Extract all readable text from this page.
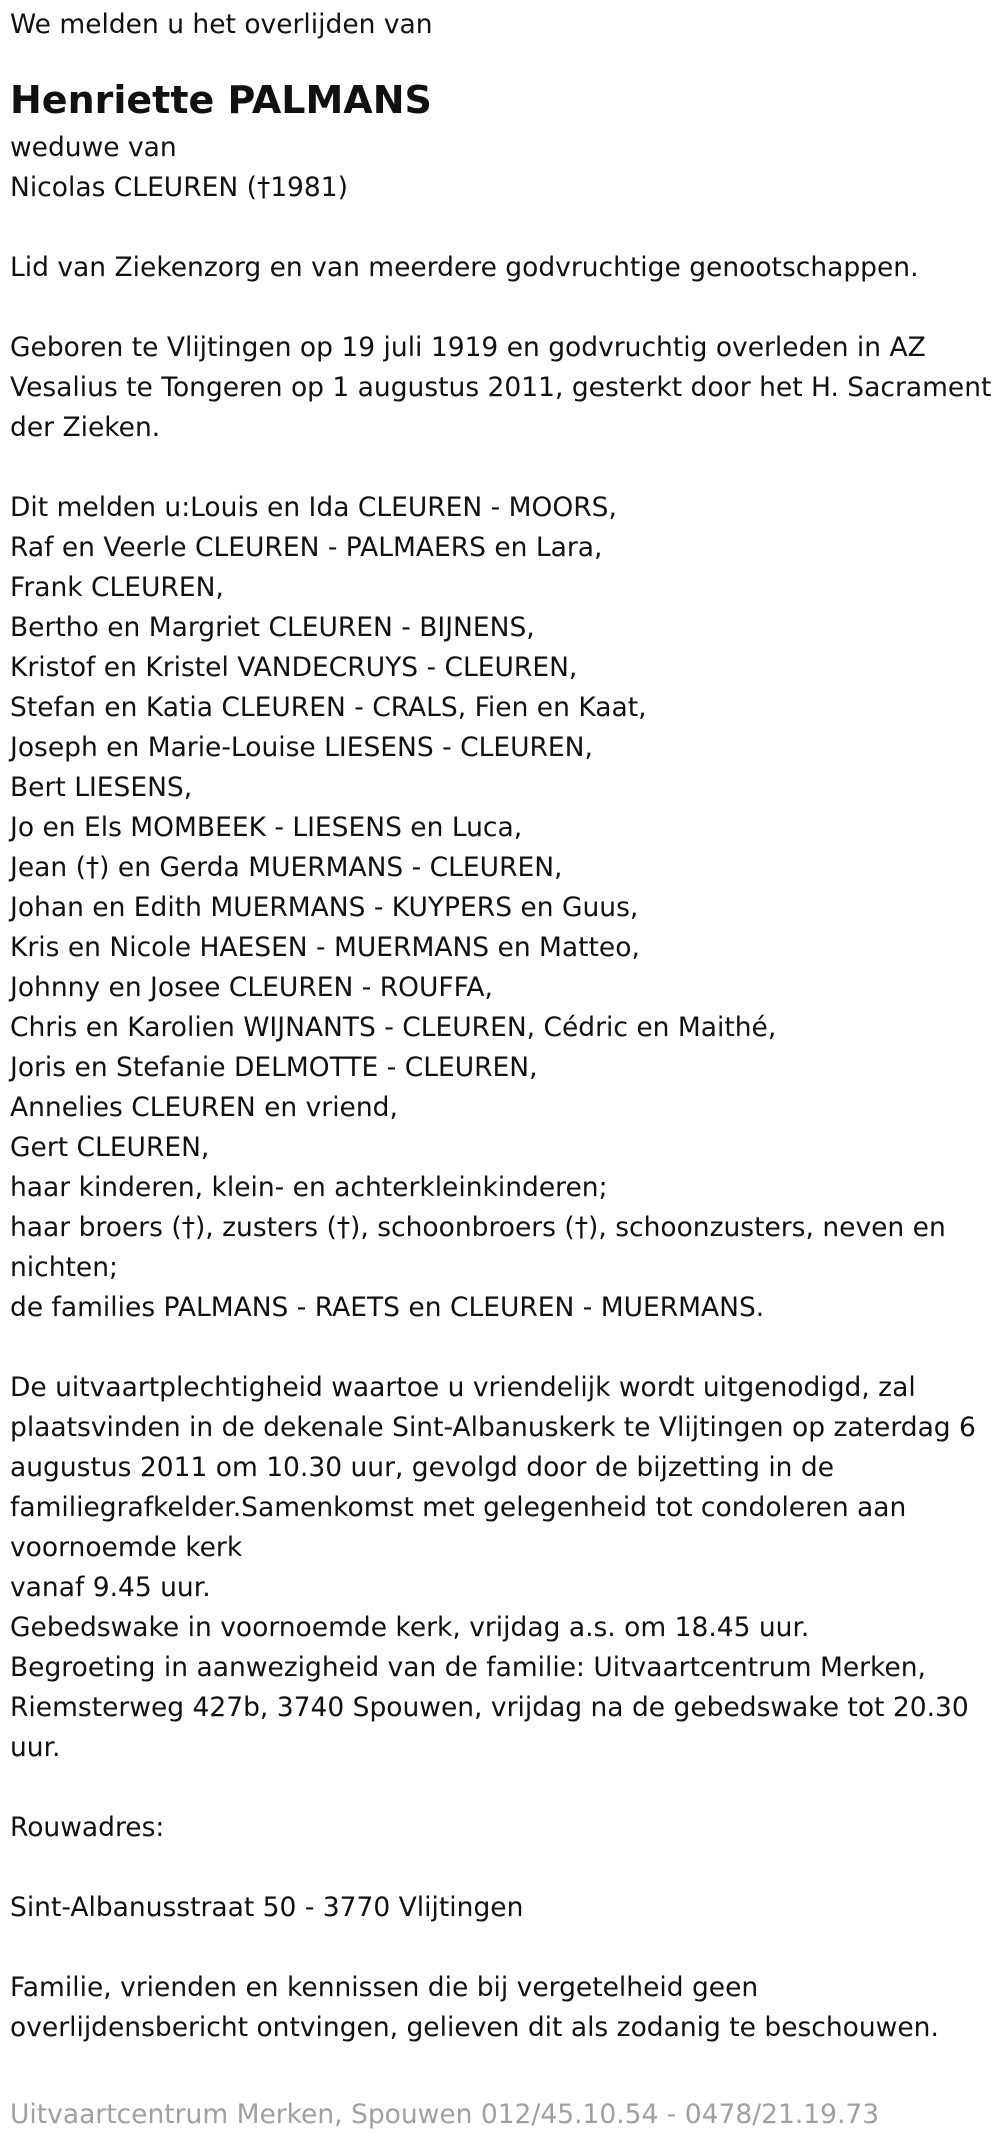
We melden u het overlijden van

Henriette PALMANS

weduwe van

Nicolas CLEUREN (†1981)

Lid van Ziekenzorg en van meerdere godvruchtige genootschappen.

Geboren te Vlijtingen op 19 juli 1919 en godvruchtig overleden in AZ Vesalius te Tongeren op 1 augustus 2011, gesterkt door het H. Sacrament der Zieken.

Dit melden u:Louis en Ida CLEUREN - MOORS,
Raf en Veerle CLEUREN - PALMAERS en Lara,
Frank CLEUREN,
Bertho en Margriet CLEUREN - BIJNENS,
Kristof en Kristel VANDECRUYS - CLEUREN,
Stefan en Katia CLEUREN - CRALS, Fien en Kaat,
Joseph en Marie-Louise LIESENS - CLEUREN,
Bert LIESENS,
Jo en Els MOMBEEK - LIESENS en Luca,
Jean (†) en Gerda MUERMANS - CLEUREN,
Johan en Edith MUERMANS - KUYPERS en Guus,
Kris en Nicole HAESEN - MUERMANS en Matteo,
Johnny en Josee CLEUREN - ROUFFA,
Chris en Karolien WIJNANTS - CLEUREN, Cédric en Maithé,
Joris en Stefanie DELMOTTE - CLEUREN,
Annelies CLEUREN en vriend,
Gert CLEUREN,
haar kinderen, klein- en achterkleinkinderen;
haar broers (†), zusters (†), schoonbroers (†), schoonzusters, neven en nichten;
de families PALMANS - RAETS en CLEUREN - MUERMANS.
De uitvaartplechtigheid waartoe u vriendelijk wordt uitgenodigd, zal plaatsvinden in de dekenale Sint-Albanuskerk te Vlijtingen op zaterdag 6 augustus 2011 om 10.30 uur, gevolgd door de bijzetting in de familiegrafkelder.Samenkomst met gelegenheid tot condoleren aan voornoemde kerk
vanaf 9.45 uur.
Gebedswake in voornoemde kerk, vrijdag a.s. om 18.45 uur.
Begroeting in aanwezigheid van de familie: Uitvaartcentrum Merken, Riemsterweg 427b, 3740 Spouwen, vrijdag na de gebedswake tot 20.30 uur.

Rouwadres:

Sint-Albanusstraat 50 - 3770 Vlijtingen

Familie, vrienden en kennissen die bij vergetelheid geen overlijdensbericht ontvingen, gelieven dit als zodanig te beschouwen.

Uitvaartcentrum Merken, Spouwen 012/45.10.54 - 0478/21.19.73
